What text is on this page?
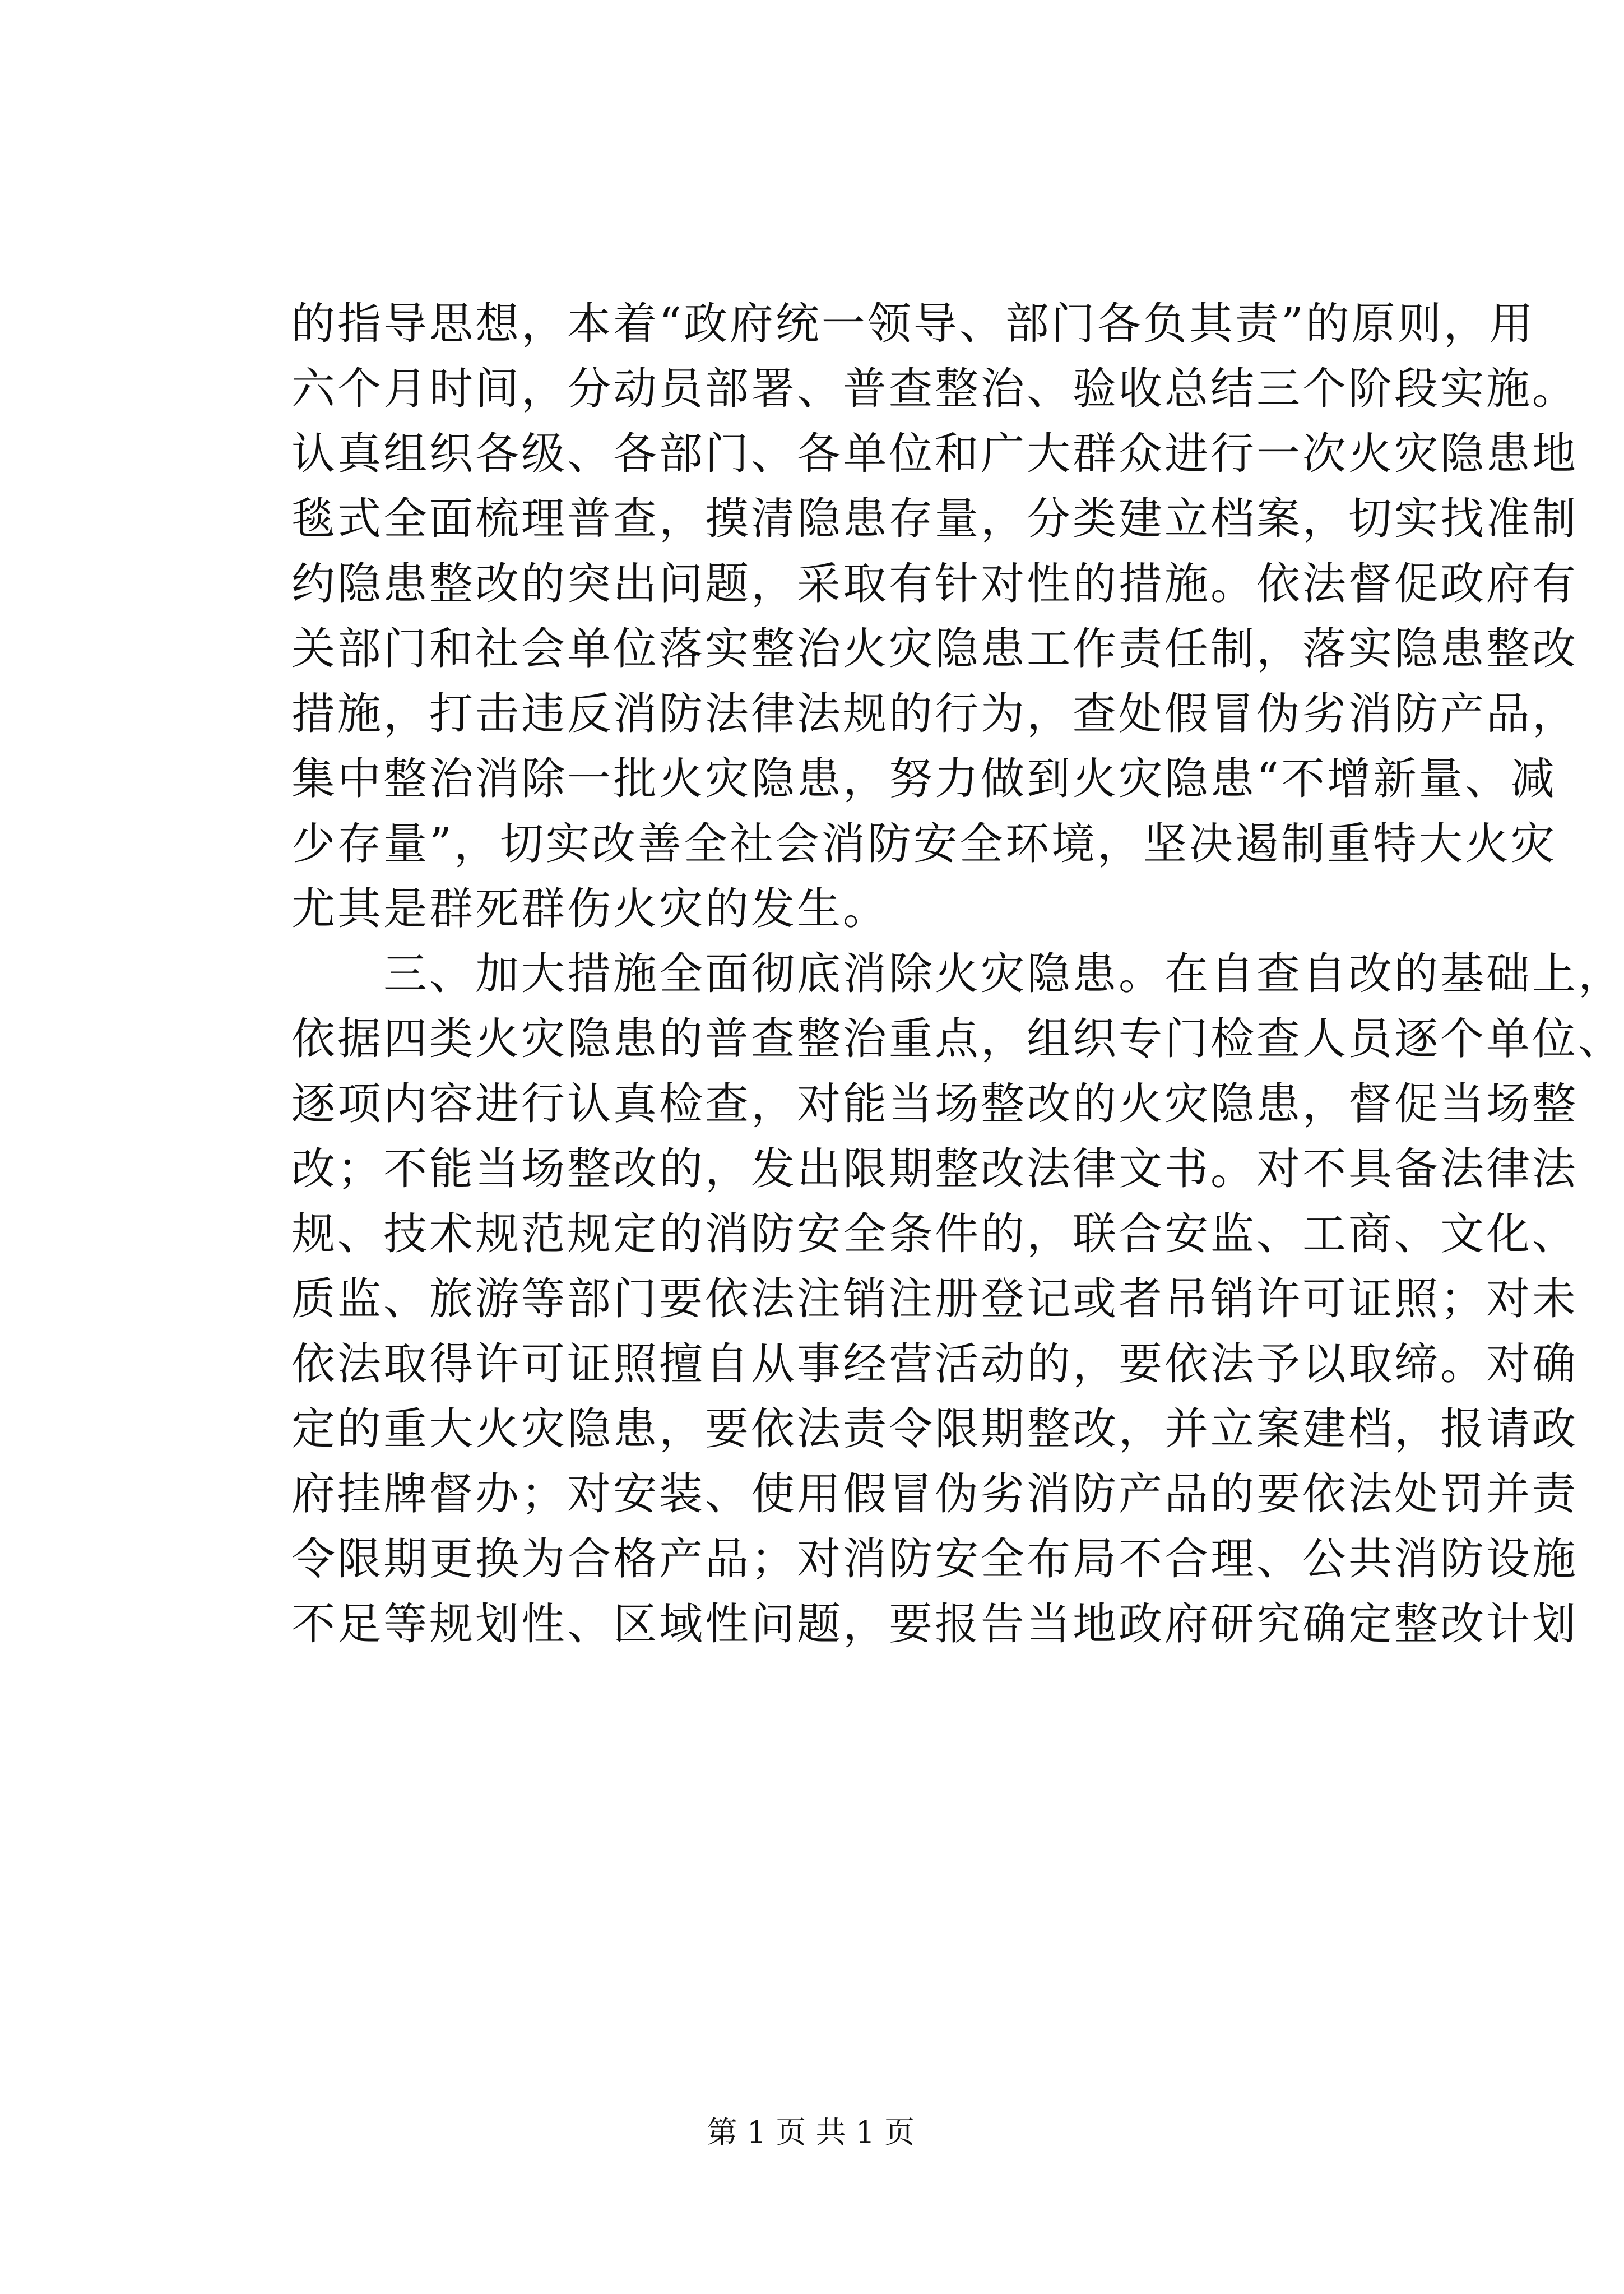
的指导思想，本着“政府统一领导、部门各负其责”的原则，用
六个月时间，分动员部署、普查整治、验收总结三个阶段实施。
认真组织各级、各部门、各单位和广大群众进行一次火灾隐患地
毯式全面梳理普查，摸清隐患存量，分类建立档案，切实找准制
约隐患整改的突出问题，采取有针对性的措施。依法督促政府有
关部门和社会单位落实整治火灾隐患工作责任制，落实隐患整改
措施，打击违反消防法律法规的行为，查处假冒伪劣消防产品，
集中整治消除一批火灾隐患，努力做到火灾隐患“不增新量、减
少存量”，切实改善全社会消防安全环境，坚决遏制重特大火灾
尤其是群死群伤火灾的发生。
　　三、加大措施全面彻底消除火灾隐患。在自查自改的基础上，
依据四类火灾隐患的普查整治重点，组织专门检查人员逐个单位、
逐项内容进行认真检查，对能当场整改的火灾隐患，督促当场整
改；不能当场整改的，发出限期整改法律文书。对不具备法律法
规、技术规范规定的消防安全条件的，联合安监、工商、文化、
质监、旅游等部门要依法注销注册登记或者吊销许可证照；对未
依法取得许可证照擅自从事经营活动的，要依法予以取缔。对确
定的重大火灾隐患，要依法责令限期整改，并立案建档，报请政
府挂牌督办；对安装、使用假冒伪劣消防产品的要依法处罚并责
令限期更换为合格产品；对消防安全布局不合理、公共消防设施
不足等规划性、区域性问题，要报告当地政府研究确定整改计划
第 1 页 共 1 页
